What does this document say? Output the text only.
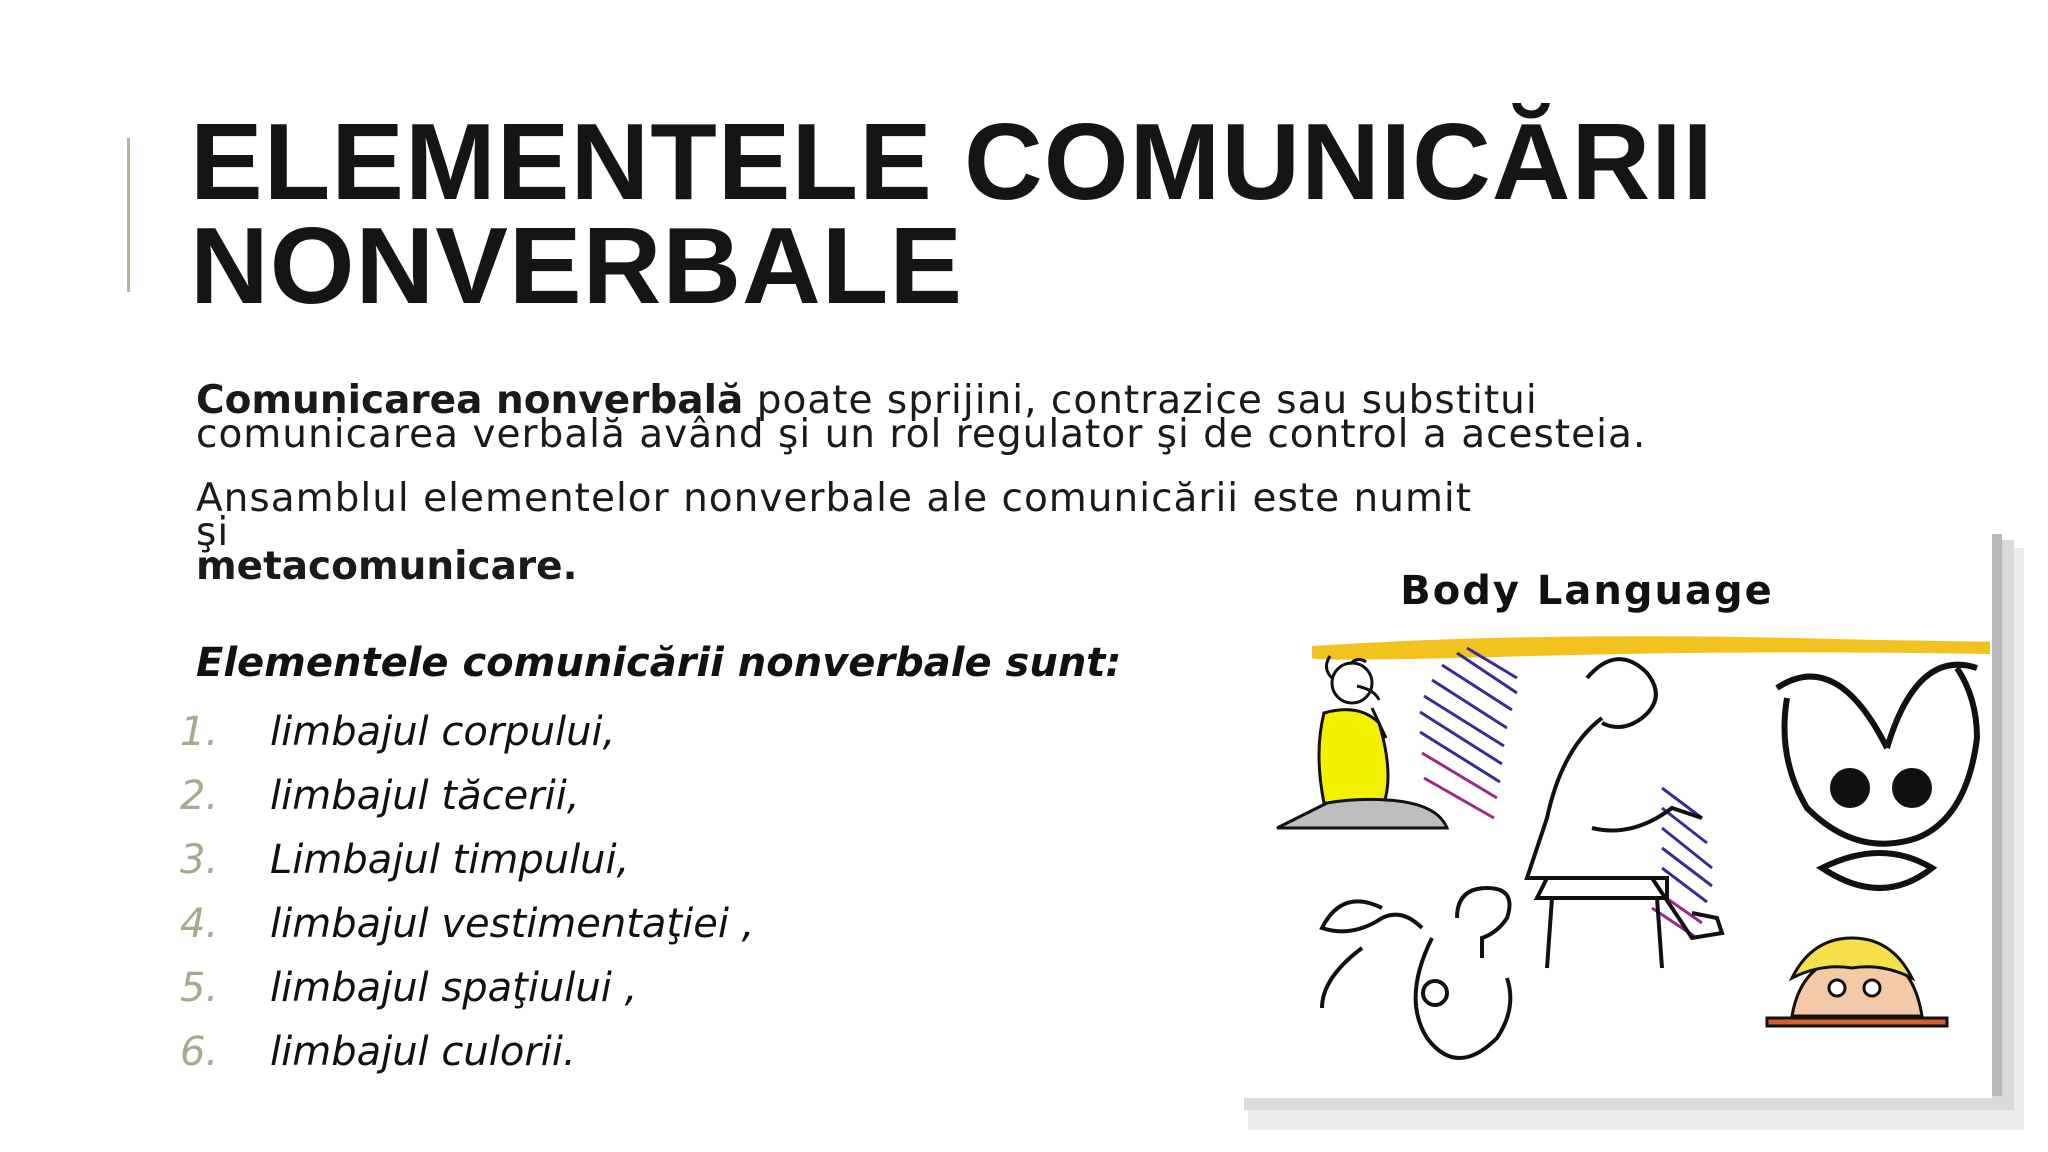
ELEMENTELE COMUNICĂRII
NONVERBALE

Comunicarea nonverbală poate sprijini, contrazice sau substitui comunicarea verbală având şi un rol regulator şi de control a acesteia.

Ansamblul elementelor nonverbale ale comunicării este numit şi
metacomunicare.

Elementele comunicării nonverbale sunt:

1.	limbajul corpului,
2.	limbajul tăcerii,
3.	Limbajul timpului,
4.	limbajul vestimentaţiei ,
5.	limbajul spaţiului ,
6.	limbajul culorii.
Body Language
